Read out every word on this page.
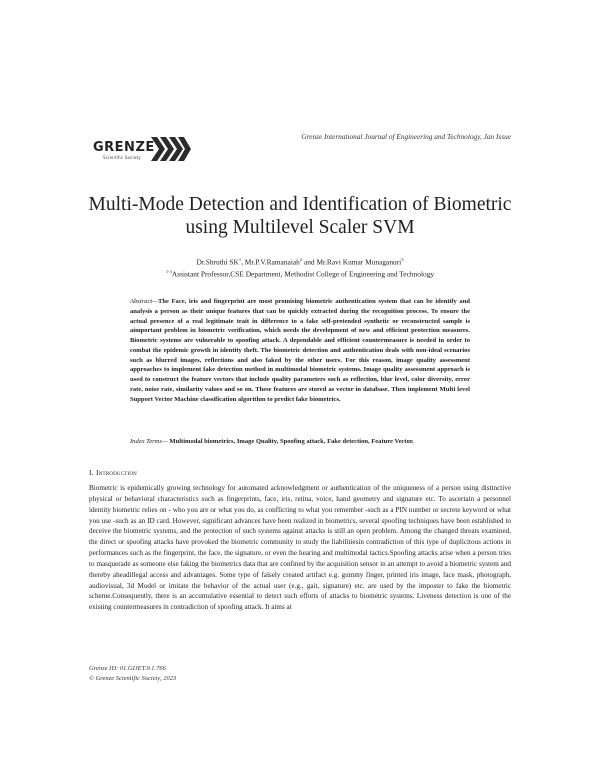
GRENZE
Scientific Society
Grenze International Journal of Engineering and Technology, Jan Issue
Multi-Mode Detection and Identification of Biometric
using Multilevel Scaler SVM
Dr.Shruthi $SK^1$, Mr.P.V.Ramanaiah$^2$ and Mr.Ravi Kumar Munaganuri$^3$
$^{1-3}$Assistant Professor,CSE Department, Methodist College of Engineering and Technology
Abstract—The Face, iris and fingerprint are most promising biometric authentication system that can be identify and analysis a person as their unique features that can be quickly extracted during the recognition process. To ensure the actual presence of a real legitimate trait in difference to a fake self-pretended synthetic or reconstructed sample is aimportant problem in biometric verification, which needs the development of new and efficient protection measures. Biometric systems are vulnerable to spoofing attack. A dependable and efficient countermeasure is needed in order to combat the epidemic growth in identity theft. The biometric detection and authentication deals with non-ideal scenarios such as blurred images, reflections and also faked by the other users. For this reason, image quality assessment approaches to implement fake detection method in multimodal biometric systems. Image quality assessment approach is used to construct the feature vectors that include quality parameters such as reflection, blur level, color diversity, error rate, noise rate, similarity values and so on. These features are stored as vector in database. Then implement Multi level Support Vector Machine classification algorithm to predict fake biometrics.
Index Terms— Multimodal biometrics, Image Quality, Spoofing attack, Fake detection, Feature Vector.
I. Introduction
Biometric is epidemically growing technology for automated acknowledgment or authentication of the uniqueness of a person using distinctive physical or behavioral characteristics such as fingerprints, face, iris, retina, voice, hand geometry and signature etc. To ascertain a personnel identity biometric relies on - who you are or what you do, as conflicting to what you remember -such as a PIN number or secrete keyword or what you use -such as an ID card. However, significant advances have been realized in biometrics, several spoofing techniques have been established to deceive the biometric systems, and the protection of such systems against attacks is still an open problem. Among the changed threats examined, the direct or spoofing attacks have provoked the biometric community to study the liabilitiesin contradiction of this type of duplicitous actions in performances such as the fingerprint, the face, the signature, or even the hearing and multimodal tactics.Spoofing attacks arise when a person tries to masquerade as someone else faking the biometrics data that are confined by the acquisition sensor in an attempt to avoid a biometric system and thereby aheadillegal access and advantages. Some type of falsely created artifact e.g. gummy finger, printed iris image, face mask, photograph, audiovisual, 3d Model or imitate the behavior of the actual user (e.g., gait, signature) etc. are used by the imposter to fake the biometric scheme.Consequently, there is an accumulative essential to detect such efforts of attacks to biometric systems. Liveness detection is one of the existing countermeasures in contradiction of spoofing attack. It aims at
Grenze ID: 01.GIJET.9.1.766
© Grenze Scientific Society, 2023
